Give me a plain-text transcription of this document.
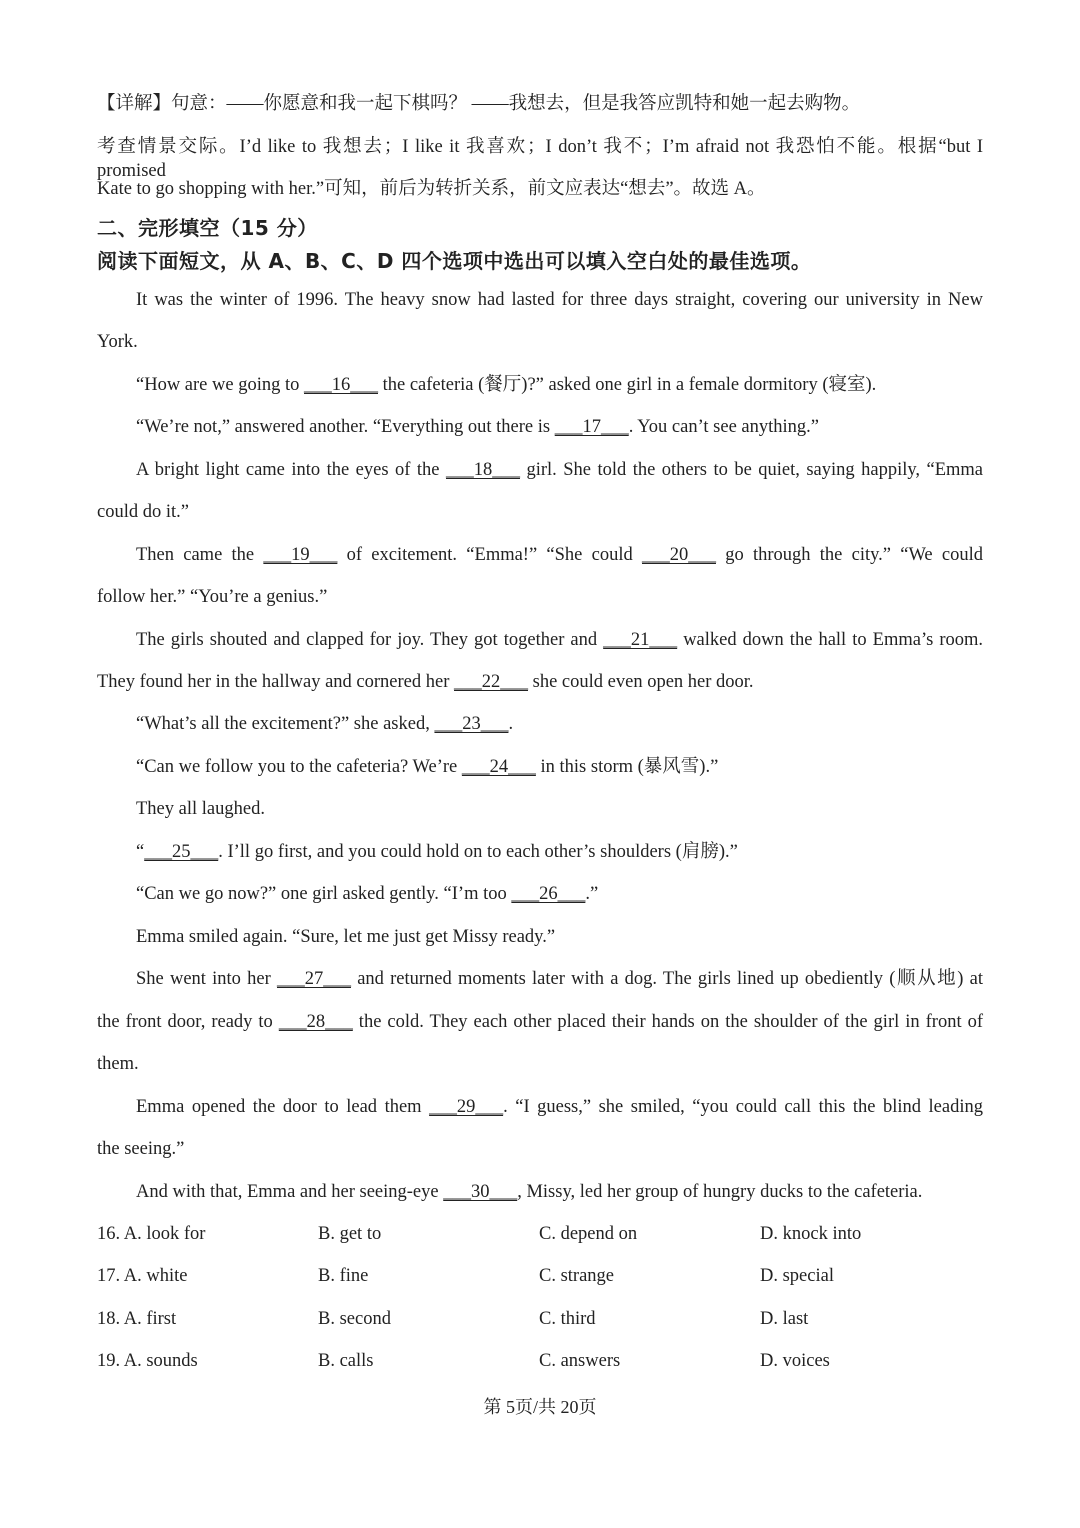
【详解】句意：——你愿意和我一起下棋吗？ ——我想去，但是我答应凯特和她一起去购物。
考查情景交际。I’d like to 我想去；I like it 我喜欢；I don’t 我不；I’m afraid not 我恐怕不能。根据“but I promised
Kate to go shopping with her.”可知，前后为转折关系，前文应表达“想去”。故选 A。
二、完形填空（15 分）
阅读下面短文，从 A、B、C、D 四个选项中选出可以填入空白处的最佳选项。
It was the winter of 1996. The heavy snow had lasted for three days straight, covering our university in New
York.
“How are we going to ___16___ the cafeteria (餐厅)?” asked one girl in a female dormitory (寝室).
“We’re not,” answered another. “Everything out there is ___17___. You can’t see anything.”
A bright light came into the eyes of the ___18___ girl. She told the others to be quiet, saying happily, “Emma
could do it.”
Then came the ___19___ of excitement. “Emma!” “She could ___20___ go through the city.” “We could
follow her.” “You’re a genius.”
The girls shouted and clapped for joy. They got together and ___21___ walked down the hall to Emma’s room.
They found her in the hallway and cornered her ___22___ she could even open her door.
“What’s all the excitement?” she asked, ___23___.
“Can we follow you to the cafeteria? We’re ___24___ in this storm (暴风雪).”
They all laughed.
“___25___. I’ll go first, and you could hold on to each other’s shoulders (肩膀).”
“Can we go now?” one girl asked gently. “I’m too ___26___.”
Emma smiled again. “Sure, let me just get Missy ready.”
She went into her ___27___ and returned moments later with a dog. The girls lined up obediently (顺从地) at
the front door, ready to ___28___ the cold. They each other placed their hands on the shoulder of the girl in front of
them.
Emma opened the door to lead them ___29___. “I guess,” she smiled, “you could call this the blind leading
the seeing.”
And with that, Emma and her seeing-eye ___30___, Missy, led her group of hungry ducks to the cafeteria.
16. A. look for	B. get to	C. depend on	D. knock into
17. A. white	B. fine	C. strange	D. special
18. A. first	B. second	C. third	D. last
19. A. sounds	B. calls	C. answers	D. voices
第 5页/共 20页
